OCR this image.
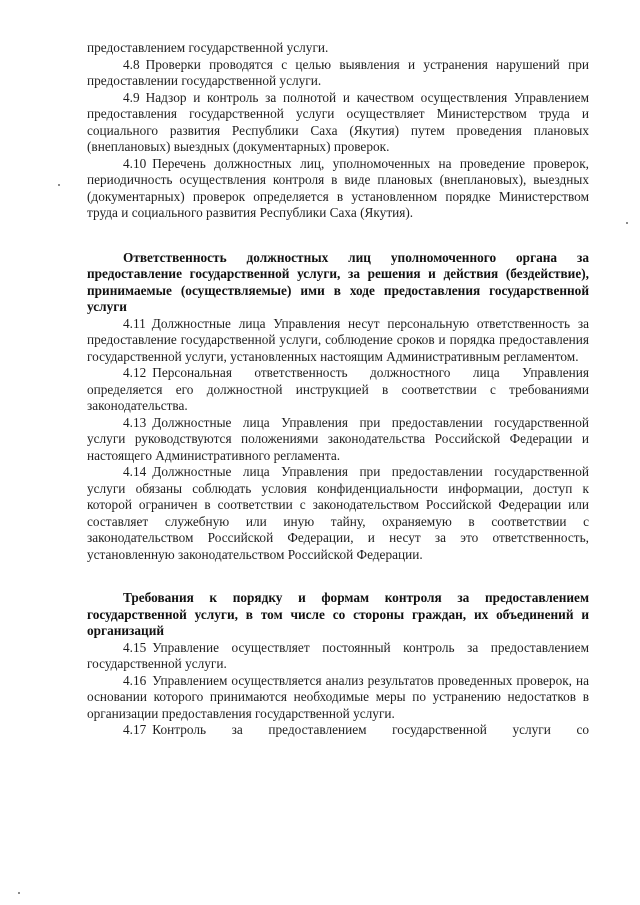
предоставлением государственной услуги.

4.8 Проверки проводятся с целью выявления и устранения нарушений при предоставлении государственной услуги.

4.9 Надзор и контроль за полнотой и качеством осуществления Управлением предоставления государственной услуги осуществляет Министерством труда и социального развития Республики Саха (Якутия) путем проведения плановых (внеплановых) выездных (документарных) проверок.

4.10 Перечень должностных лиц, уполномоченных на проведение проверок, периодичность осуществления контроля в виде плановых (внеплановых), выездных (документарных) проверок определяется в установленном порядке Министерством труда и социального развития Республики Саха (Якутия).

Ответственность должностных лиц уполномоченного органа за предоставление государственной услуги, за решения и действия (бездействие), принимаемые (осуществляемые) ими в ходе предоставления государственной услуги

4.11 Должностные лица Управления несут персональную ответственность за предоставление государственной услуги, соблюдение сроков и порядка предоставления государственной услуги, установленных настоящим Административным регламентом.

4.12 Персональная ответственность должностного лица Управления определяется его должностной инструкцией в соответствии с требованиями законодательства.

4.13 Должностные лица Управления при предоставлении государственной услуги руководствуются положениями законодательства Российской Федерации и настоящего Административного регламента.

4.14 Должностные лица Управления при предоставлении государственной услуги обязаны соблюдать условия конфиденциальности информации, доступ к которой ограничен в соответствии с законодательством Российской Федерации или составляет служебную или иную тайну, охраняемую в соответствии с законодательством Российской Федерации, и несут за это ответственность, установленную законодательством Российской Федерации.

Требования к порядку и формам контроля за предоставлением государственной услуги, в том числе со стороны граждан, их объединений и организаций

4.15 Управление осуществляет постоянный контроль за предоставлением государственной услуги.

4.16 Управлением осуществляется анализ результатов проведенных проверок, на основании которого принимаются необходимые меры по устранению недостатков в организации предоставления государственной услуги.

4.17 Контроль за предоставлением государственной услуги со
